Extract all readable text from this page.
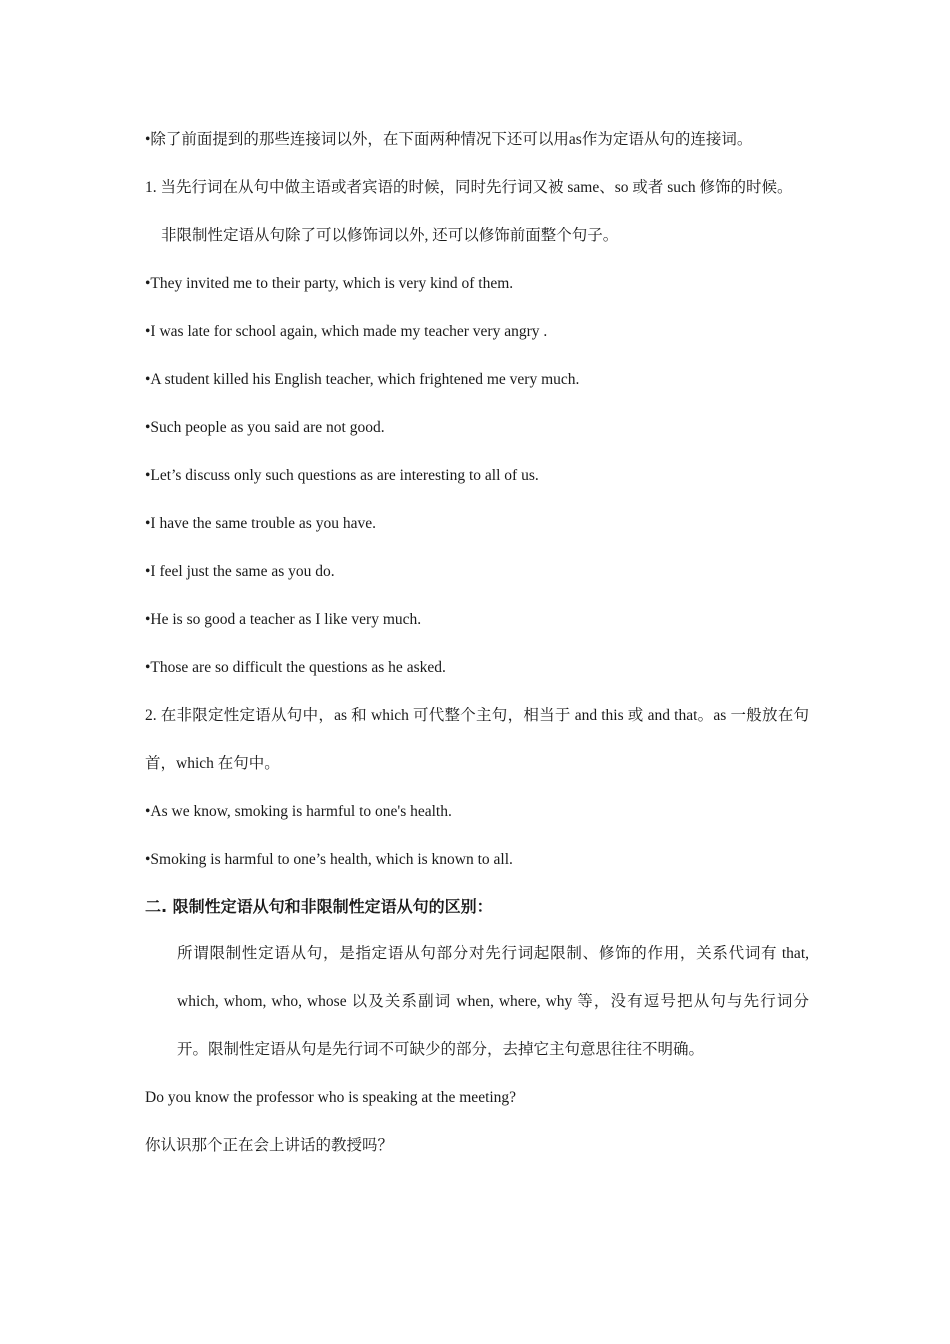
•除了前面提到的那些连接词以外，在下面两种情况下还可以用as作为定语从句的连接词。
1. 当先行词在从句中做主语或者宾语的时候，同时先行词又被 same、so 或者 such 修饰的时候。
非限制性定语从句除了可以修饰词以外, 还可以修饰前面整个句子。
•They invited me to their party, which is very kind of them.
•I was late for school again, which made my teacher very angry .
•A student killed his English teacher, which frightened me very much.
•Such people as you said are not good.
•Let’s discuss only such questions as are interesting to all of us.
•I have the same trouble as you have.
•I feel just the same as you do.
•He is so good a teacher as I like very much.
•Those are so difficult the questions as he asked.
2. 在非限定性定语从句中，as 和 which 可代整个主句，相当于 and this 或 and that。as 一般放在句首，which 在句中。
•As we know, smoking is harmful to one's health.
•Smoking is harmful to one’s health, which is known to all.
二. 限制性定语从句和非限制性定语从句的区别：
所谓限制性定语从句，是指定语从句部分对先行词起限制、修饰的作用，关系代词有 that, which, whom, who, whose 以及关系副词 when, where, why 等，没有逗号把从句与先行词分开。限制性定语从句是先行词不可缺少的部分，去掉它主句意思往往不明确。
Do you know the professor who is speaking at the meeting?
你认识那个正在会上讲话的教授吗？
